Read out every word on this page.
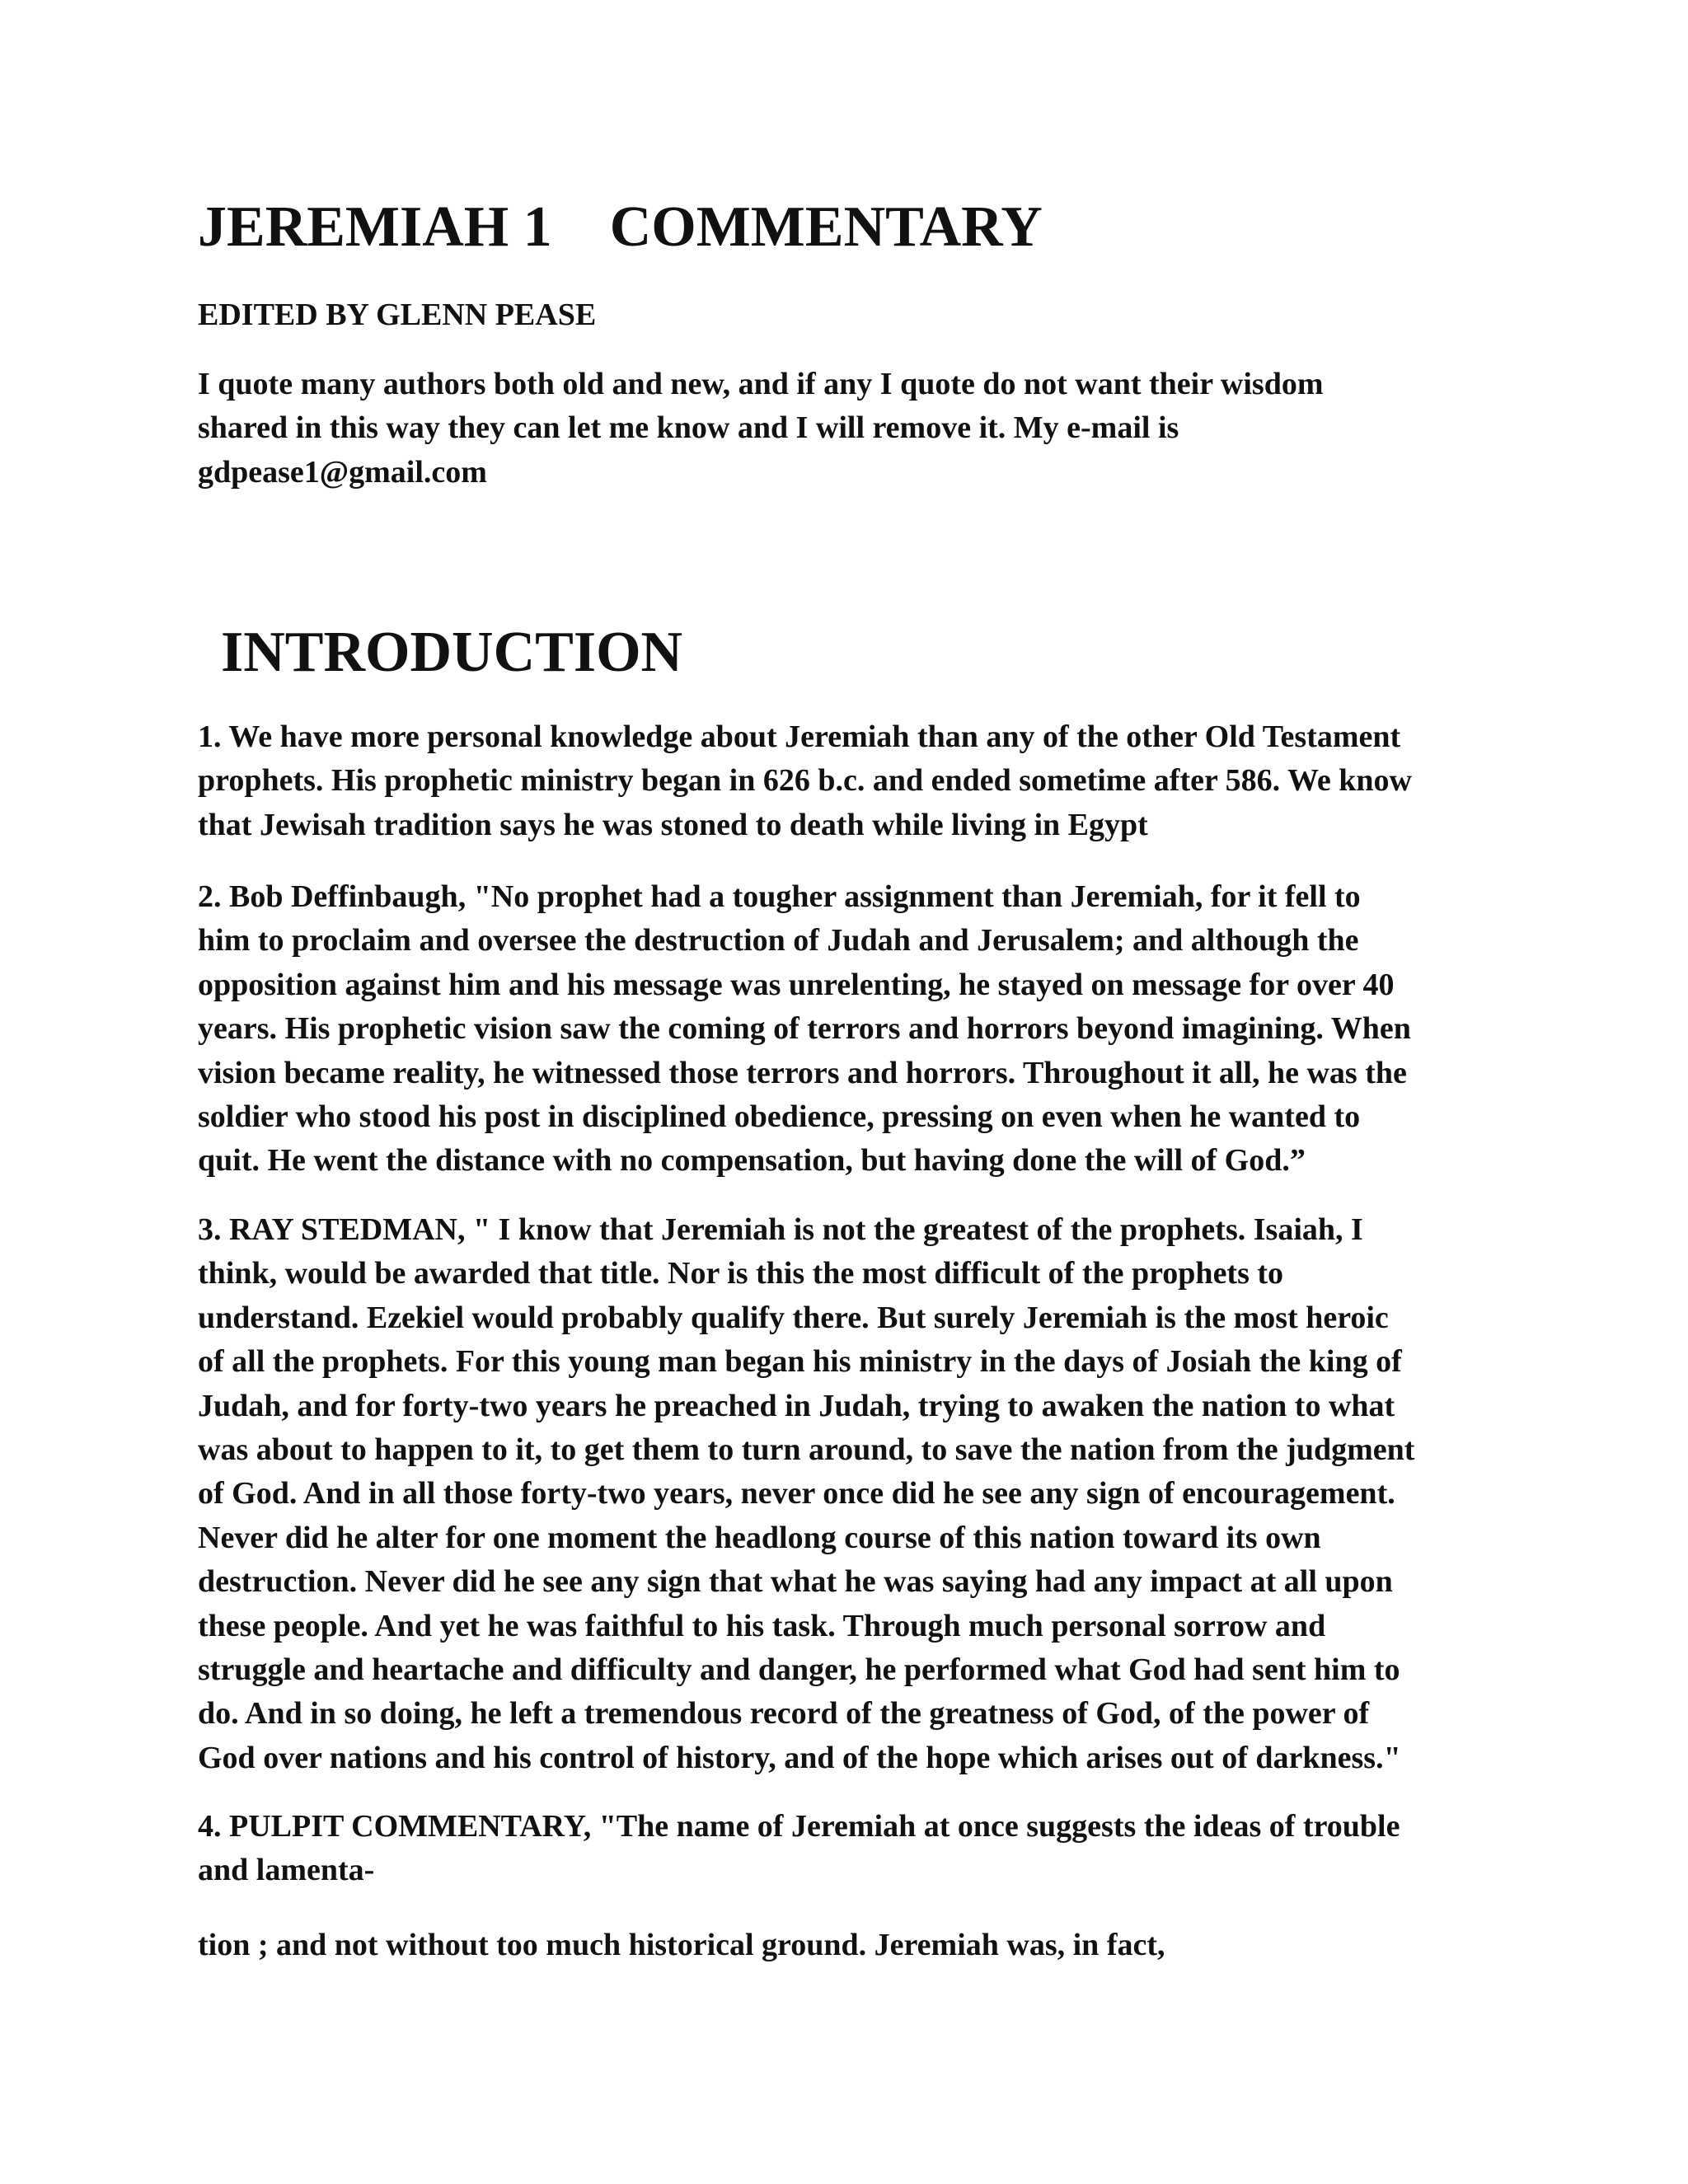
JEREMIAH 1    COMMENTARY

EDITED BY GLENN PEASE

I quote many authors both old and new, and if any I quote do not want their wisdom
shared in this way they can let me know and I will remove it. My e-mail is
gdpease1@gmail.com

INTRODUCTION

1. We have more personal knowledge about Jeremiah than any of the other Old Testament
prophets. His prophetic ministry began in 626 b.c. and ended sometime after 586. We know
that Jewisah tradition says he was stoned to death while living in Egypt

2. Bob Deffinbaugh, "No prophet had a tougher assignment than Jeremiah, for it fell to
him to proclaim and oversee the destruction of Judah and Jerusalem; and although the
opposition against him and his message was unrelenting, he stayed on message for over 40
years. His prophetic vision saw the coming of terrors and horrors beyond imagining. When
vision became reality, he witnessed those terrors and horrors. Throughout it all, he was the
soldier who stood his post in disciplined obedience, pressing on even when he wanted to
quit. He went the distance with no compensation, but having done the will of God.”

3. RAY STEDMAN, " I know that Jeremiah is not the greatest of the prophets. Isaiah, I
think, would be awarded that title. Nor is this the most difficult of the prophets to
understand. Ezekiel would probably qualify there. But surely Jeremiah is the most heroic
of all the prophets. For this young man began his ministry in the days of Josiah the king of
Judah, and for forty-two years he preached in Judah, trying to awaken the nation to what
was about to happen to it, to get them to turn around, to save the nation from the judgment
of God. And in all those forty-two years, never once did he see any sign of encouragement.
Never did he alter for one moment the headlong course of this nation toward its own
destruction. Never did he see any sign that what he was saying had any impact at all upon
these people. And yet he was faithful to his task. Through much personal sorrow and
struggle and heartache and difficulty and danger, he performed what God had sent him to
do. And in so doing, he left a tremendous record of the greatness of God, of the power of
God over nations and his control of history, and of the hope which arises out of darkness."

4. PULPIT COMMENTARY, "The name of Jeremiah at once suggests the ideas of trouble
and lamenta-

tion ; and not without too much historical ground. Jeremiah was, in fact,
